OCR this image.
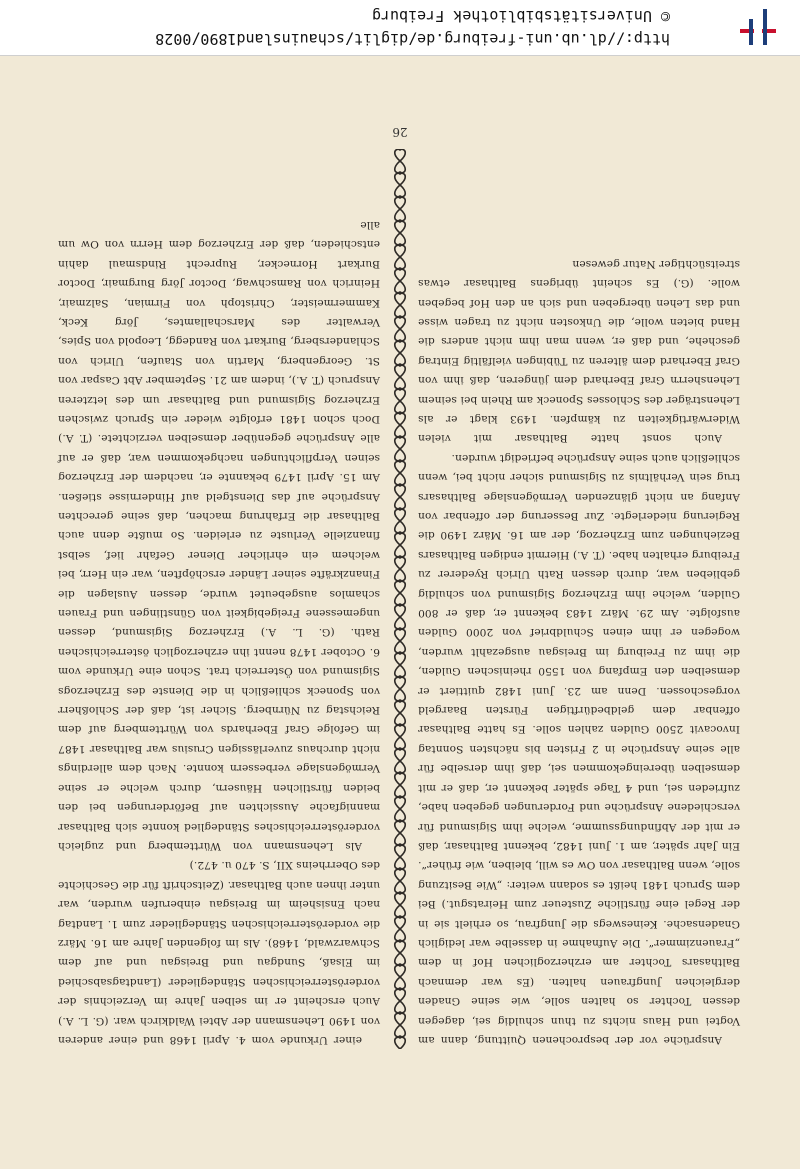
http://dl.ub.uni-freiburg.de/diglit/schauinsland1890/0028
© Universitätsbibliothek Freiburg

Ansprüche vor der besprochenen Quittung, dann am Vogtei und Haus nichts zu thun schuldig sei, dagegen dessen Tochter so halten solle, wie seine Gnaden dergleichen Jungfrauen halten. (Es war demnach Balthasars Tochter am erzherzoglichen Hof in dem „Frauenzimmer“. Die Aufnahme in dasselbe war lediglich Gnadensache. Keineswegs die Jungfrau, so erhielt sie in der Regel eine fürstliche Zusteuer zum Heiratsgut.) Bei dem Spruch 1481 heißt es sodann weiter: „Wie Besitzung solle, wenn Balthasar von Ow es will, bleiben, wie früher“. Ein Jahr später, am 1. Juni 1482, bekennt Balthasar, daß er mit der Abfindungssumme, welche ihm Sigismund für verschiedene Ansprüche und Forderungen gegeben habe, zufrieden sei, und 4 Tage später bekennt er, daß er mit demselben übereingekommen sei, daß ihm derselbe für alle seine Ansprüche in 2 Fristen bis nächsten Sonntag Invocavit 2500 Gulden zahlen solle. Es hatte Balthasar offenbar dem geldbedürftigen Fürsten Baargeld vorgeschossen. Denn am 23. Juni 1482 quittiert er demselben den Empfang von 1550 rheinischen Gulden, die ihm zu Freiburg im Breisgau ausgezahlt wurden, wogegen er ihm einen Schuldbrief von 2000 Gulden ausfolgte. Am 29. März 1483 bekennt er, daß er 800 Gulden, welche ihm Erzherzog Sigismund von schuldig geblieben war, durch dessen Rath Ulrich Ryederer zu Freiburg erhalten habe. (T. A.) Hiermit endigen Balthasars Beziehungen zum Erzherzog, der am 16. März 1490 die Regierung niederlegte. Zur Besserung der offenbar von Anfang an nicht glänzenden Vermögenslage Balthasars trug sein Verhältnis zu Sigismund sicher nicht bei, wenn schließlich auch seine Ansprüche befriedigt wurden.

Auch sonst hatte Balthasar mit vielen Widerwärtigkeiten zu kämpfen. 1493 klagt er als Lehensträger des Schlosses Sponeck am Rhein bei seinem Lehensherrn Graf Eberhard dem jüngeren, daß ihm von Graf Eberhard dem älteren zu Tübingen vielfältig Eintrag geschehe, und daß er, wenn man ihm nicht anders die Hand bieten wolle, die Unkosten nicht zu tragen wisse und das Lehen übergeben und sich an den Hof begeben wolle. (G.) Es scheint übrigens Balthasar etwas streitsüchtiger Natur gewesen

einer Urkunde vom 4. April 1468 und einer anderen von 1490 Lehensmann der Abtei Waldkirch war. (G. L. A.) Auch erscheint er im selben Jahre im Verzeichnis der vorderösterreichischen Ständeglieder (Landtagsabschied im Elsaß, Sundgau und Breisgau und auf dem Schwarzwald, 1468). Als im folgenden Jahre am 16. März die vorderösterreichischen Ständeglieder zum 1. Landtag nach Ensisheim im Breisgau einberufen wurden, war unter ihnen auch Balthasar. (Zeitschrift für die Geschichte des Oberrheins XII, S. 470 u. 472.)

Als Lehensmann von Württemberg und zugleich vorderösterreichisches Ständeglied konnte sich Balthasar mannigfache Aussichten auf Beförderungen bei den beiden fürstlichen Häusern, durch welche er seine Vermögenslage verbessern konnte. Nach dem allerdings nicht durchaus zuverlässigen Crusius war Balthasar 1487 im Gefolge Graf Eberhards von Württemberg auf dem Reichstag zu Nürnberg. Sicher ist, daß der Schloßherr von Sponeck schließlich in die Dienste des Erzherzogs Sigismund von Österreich trat. Schon eine Urkunde vom 6. October 1478 nennt ihn erzherzoglich österreichischen Rath. (G. L. A.) Erzherzog Sigismund, dessen ungemessene Freigebigkeit von Günstlingen und Frauen schamlos ausgebeutet wurde, dessen Auslagen die Finanzkräfte seiner Länder erschöpften, war ein Herr, bei welchem ein ehrlicher Diener Gefahr lief, selbst finanzielle Verluste zu erleiden. So mußte denn auch Balthasar die Erfahrung machen, daß seine gerechten Ansprüche auf das Dienstgeld auf Hindernisse stießen. Am 15. April 1479 bekannte er, nachdem der Erzherzog seinen Verpflichtungen nachgekommen war, daß er auf alle Ansprüche gegenüber demselben verzichtete. (T. A.) Doch schon 1481 erfolgte wieder ein Spruch zwischen Erzherzog Sigismund und Balthasar um des letzteren Anspruch (T. A.), indem am 21. September Abt Caspar von St. Georgenberg, Martin von Staufen, Ulrich von Schlandersberg, Burkart von Randegg, Leopold von Spies, Verwalter des Marschallamtes, Jörg Keck, Kammermeister, Christoph von Firmian, Salzmair, Heinrich von Ramschwag, Doctor Jörg Burgmair, Doctor Burkart Hornecker, Ruprecht Rindsmaul dahin entschieden, daß der Erzherzog dem Herrn von Ow um alle

26
